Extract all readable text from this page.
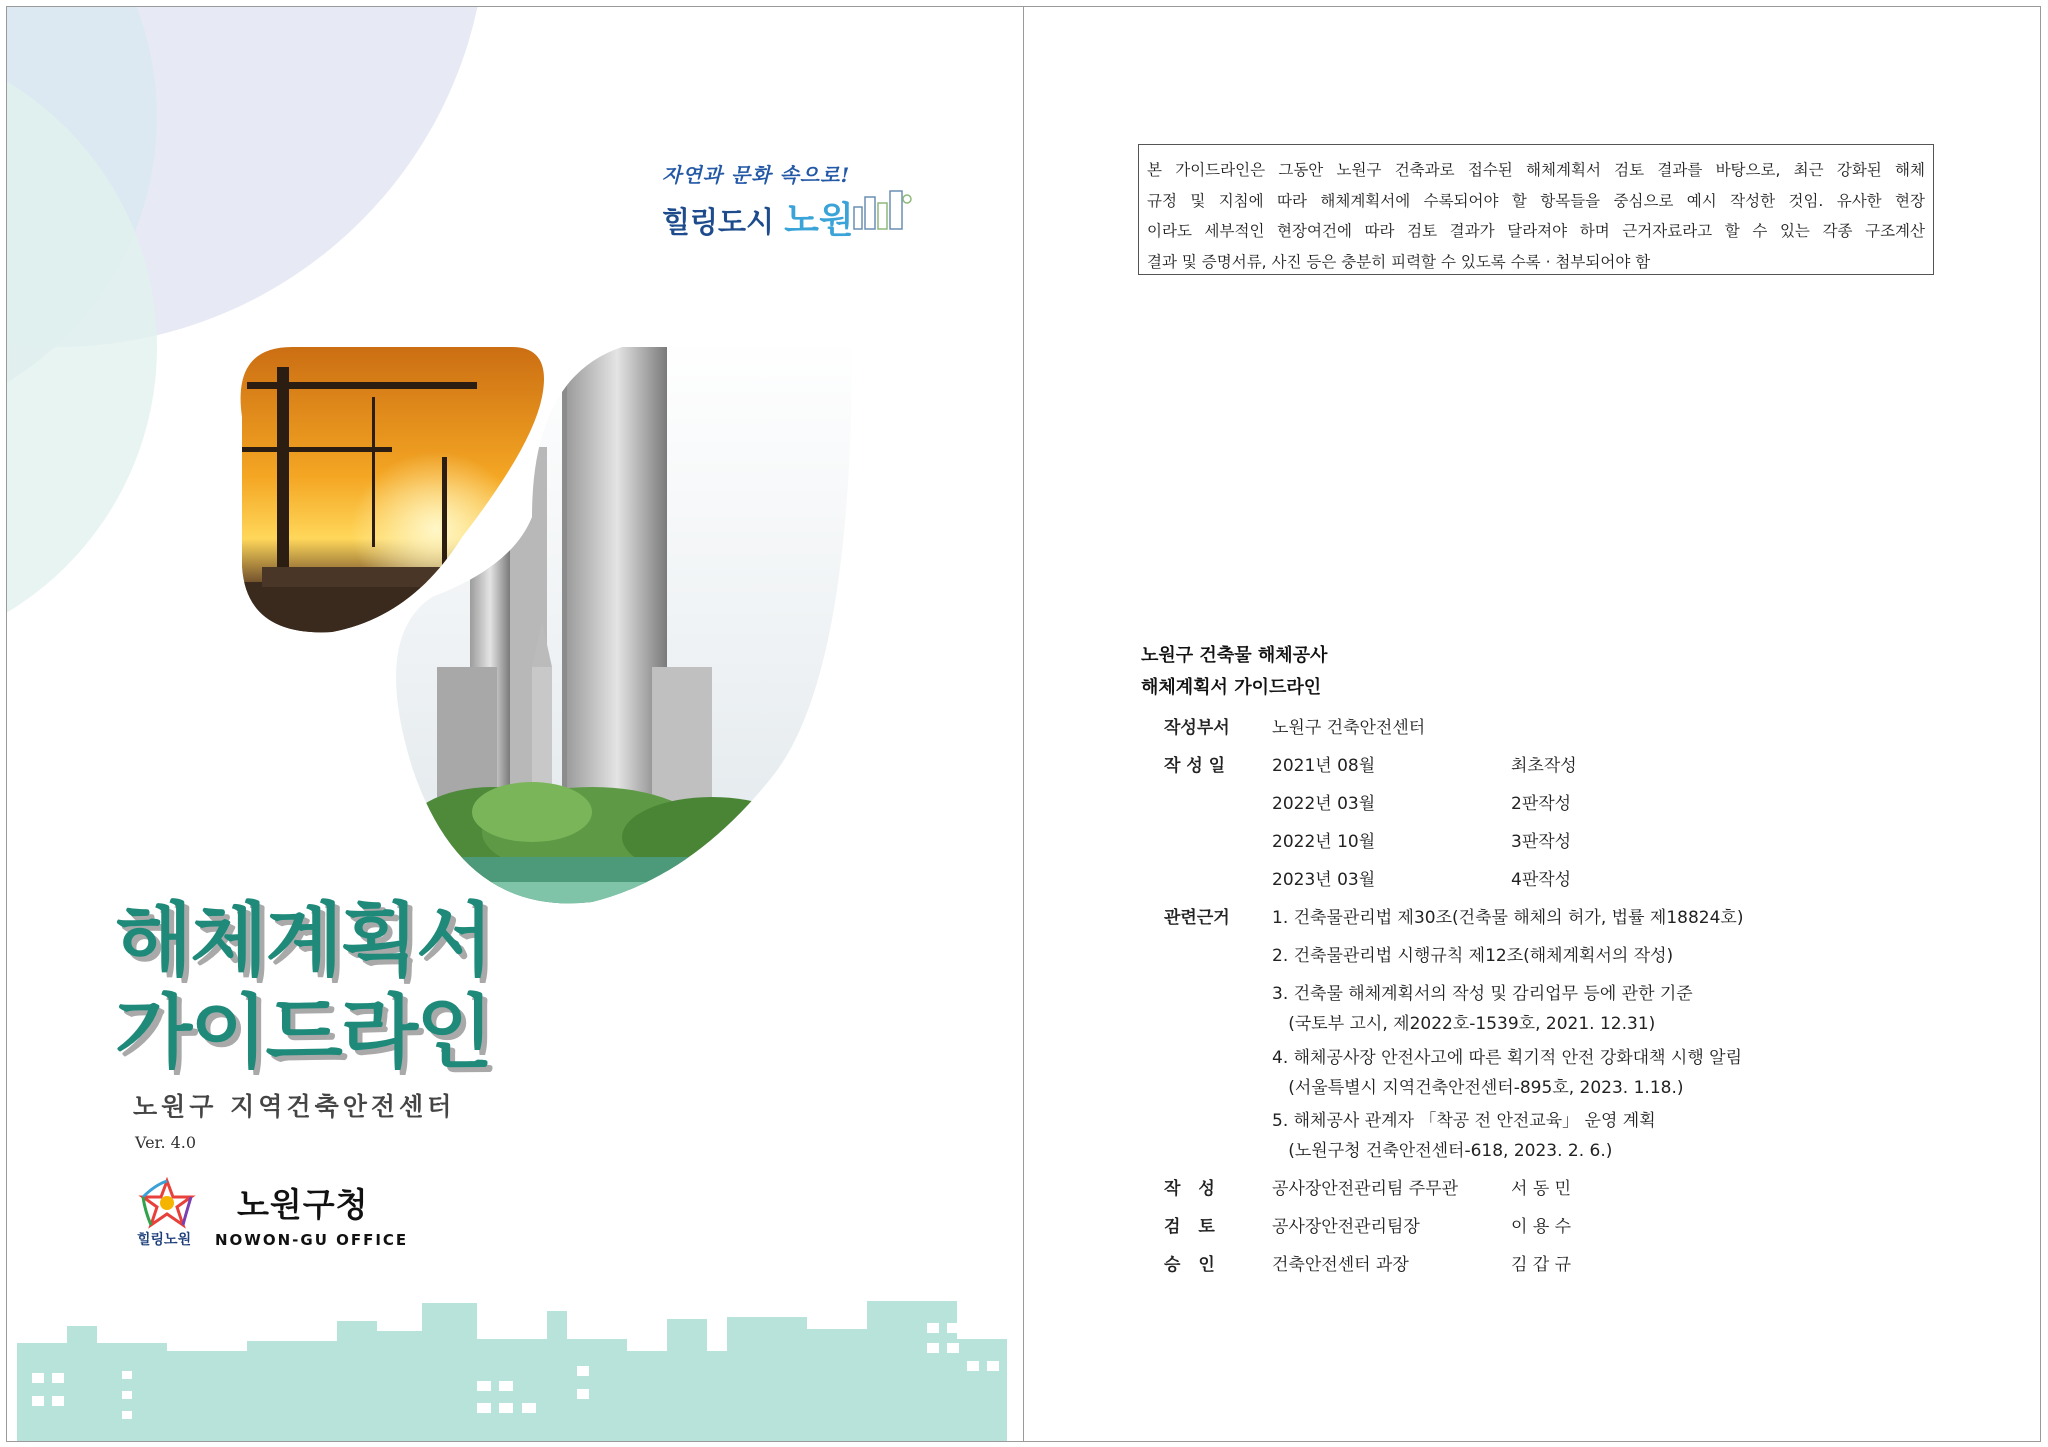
자연과 문화 속으로!
힐링도시 노원
해체계획서
가이드라인
노원구 지역건축안전센터
Ver. 4.0
힐링노원
노원구청
NOWON-GU OFFICE
본 가이드라인은 그동안 노원구 건축과로 접수된 해체계획서 검토 결과를 바탕으로, 최근 강화된 해체
규정 및 지침에 따라 해체계획서에 수록되어야 할 항목들을 중심으로 예시 작성한 것임. 유사한 현장
이라도 세부적인 현장여건에 따라 검토 결과가 달라져야 하며 근거자료라고 할 수 있는 각종 구조계산
결과 및 증명서류, 사진 등은 충분히 피력할 수 있도록 수록 · 첨부되어야 함
노원구 건축물 해체공사
해체계획서 가이드라인
작성부서	노원구 건축안전센터
작 성 일	2021년 08월	최초작성
2022년 03월	2판작성
2022년 10월	3판작성
2023년 03월	4판작성
관련근거	1. 건축물관리법 제30조(건축물 해체의 허가, 법률 제18824호)
2. 건축물관리법 시행규칙 제12조(해체계획서의 작성)
3. 건축물 해체계획서의 작성 및 감리업무 등에 관한 기준
(국토부 고시, 제2022호-1539호, 2021. 12.31)
4. 해체공사장 안전사고에 따른 획기적 안전 강화대책 시행 알림
(서울특별시 지역건축안전센터-895호, 2023. 1.18.)
5. 해체공사 관계자 「착공 전 안전교육」 운영 계획
(노원구청 건축안전센터-618, 2023. 2. 6.)
작성	공사장안전관리팀 주무관	서 동 민
검토	공사장안전관리팀장	이 용 수
승인	건축안전센터 과장	김 갑 규
